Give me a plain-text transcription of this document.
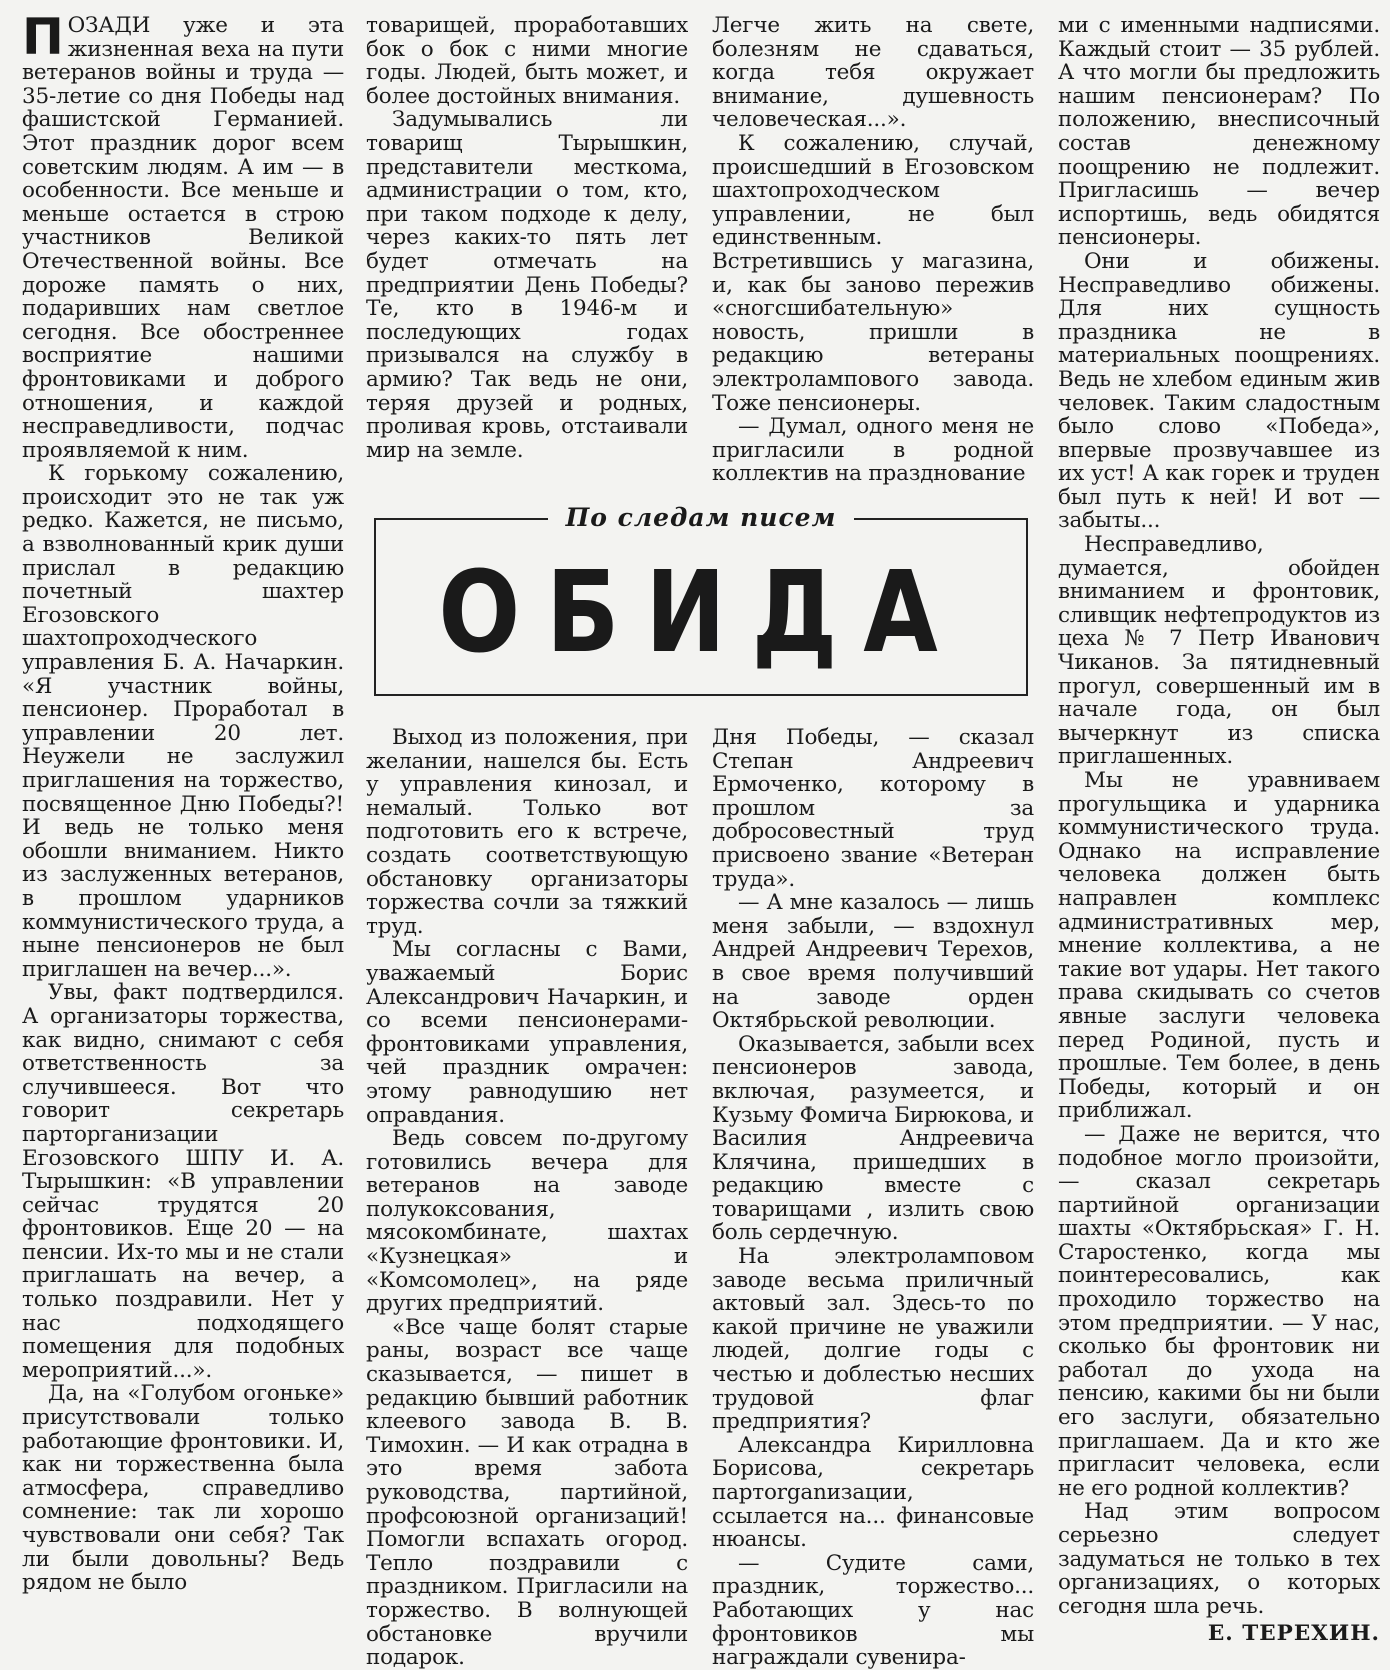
ПОЗАДИ уже и эта жизненная веха на пути ветеранов войны и труда — 35-летие со дня Победы над фашистской Германией. Этот праздник дорог всем советским людям. А им — в особенности. Все меньше и меньше остается в строю участников Великой Отечественной войны. Все дороже память о них, подаривших нам светлое сегодня. Все обостреннее восприятие нашими фронтовиками и доброго отношения, и каждой несправедливости, подчас проявляемой к ним.

К горькому сожалению, происходит это не так уж редко. Кажется, не письмо, а взволнованный крик души прислал в редакцию почетный шахтер Егозовского шахтопроходческого управления Б. А. Начаркин. «Я участник войны, пенсионер. Проработал в управлении 20 лет. Неужели не заслужил приглашения на торжество, посвященное Дню Победы?! И ведь не только меня обошли вниманием. Никто из заслуженных ветеранов, в прошлом ударников коммунистического труда, а ныне пенсионеров не был приглашен на вечер...».

Увы, факт подтвердился. А организаторы торжества, как видно, снимают с себя ответственность за случившееся. Вот что говорит секретарь парторганизации Егозовского ШПУ И. А. Тырышкин: «В управлении сейчас трудятся 20 фронтовиков. Еще 20 — на пенсии. Их-то мы и не стали приглашать на вечер, а только поздравили. Нет у нас подходящего помещения для подобных мероприятий...».

Да, на «Голубом огоньке» присутствовали только работающие фронтовики. И, как ни торжественна была атмосфера, справедливо сомнение: так ли хорошо чувствовали они себя? Так ли были довольны? Ведь рядом не было

товарищей, проработавших бок о бок с ними многие годы. Людей, быть может, и более достойных внимания.

Задумывались ли товарищ Тырышкин, представители месткома, администрации о том, кто, при таком подходе к делу, через каких-то пять лет будет отмечать на предприятии День Победы? Те, кто в 1946-м и последующих годах призывался на службу в армию? Так ведь не они, теряя друзей и родных, проливая кровь, отстаивали мир на земле.

Легче жить на свете, болезням не сдаваться, когда тебя окружает внимание, душевность человеческая...».

К сожалению, случай, происшедший в Егозовском шахтопроходческом управлении, не был единственным. Встретившись у магазина, и, как бы заново пережив «сногсшибательную» новость, пришли в редакцию ветераны электролампового завода. Тоже пенсионеры.

— Думал, одного меня не пригласили в родной коллектив на празднование

По следам писем
ОБИДА

Выход из положения, при желании, нашелся бы. Есть у управления кинозал, и немалый. Только вот подготовить его к встрече, создать соответствующую обстановку организаторы торжества сочли за тяжкий труд.

Мы согласны с Вами, уважаемый Борис Александрович Начаркин, и со всеми пенсионерами-фронтовиками управления, чей праздник омрачен: этому равнодушию нет оправдания.

Ведь совсем по-другому готовились вечера для ветеранов на заводе полукоксования, мясокомбинате, шахтах «Кузнецкая» и «Комсомолец», на ряде других предприятий.

«Все чаще болят старые раны, возраст все чаще сказывается, — пишет в редакцию бывший работник клеевого завода В. В. Тимохин. — И как отрадна в это время забота руководства, партийной, профсоюзной организаций! Помогли вспахать огород. Тепло поздравили с праздником. Пригласили на торжество. В волнующей обстановке вручили подарок.

Дня Победы, — сказал Степан Андреевич Ермоченко, которому в прошлом за добросовестный труд присвоено звание «Ветеран труда».

— А мне казалось — лишь меня забыли, — вздохнул Андрей Андреевич Терехов, в свое время получивший на заводе орден Октябрьской революции.

Оказывается, забыли всех пенсионеров завода, включая, разумеется, и Кузьму Фомича Бирюкова, и Василия Андреевича Клячина, пришедших в редакцию вместе с товарищами , излить свою боль сердечную.

На электроламповом заводе весьма приличный актовый зал. Здесь-то по какой причине не уважили людей, долгие годы с честью и доблестью несших трудовой флаг предприятия?

Александра Кирилловна Борисова, секретарь партorganизации, ссылается на... финансовые нюансы.

— Судите сами, праздник, торжество... Работающих у нас фронтовиков мы награждали сувенира-

ми с именными надписями. Каждый стоит — 35 рублей. А что могли бы предложить нашим пенсионерам? По положению, внесписочный состав денежному поощрению не подлежит. Пригласишь — вечер испортишь, ведь обидятся пенсионеры.

Они и обижены. Несправедливо обижены. Для них сущность праздника не в материальных поощрениях. Ведь не хлебом единым жив человек. Таким сладостным было слово «Победа», впервые прозвучавшее из их уст! А как горек и труден был путь к ней! И вот — забыты...

Несправедливо, думается, обойден вниманием и фронтовик, сливщик нефтепродуктов из цеха № 7 Петр Иванович Чиканов. За пятидневный прогул, совершенный им в начале года, он был вычеркнут из списка приглашенных.

Мы не уравниваем прогульщика и ударника коммунистического труда. Однако на исправление человека должен быть направлен комплекс административных мер, мнение коллектива, а не такие вот удары. Нет такого права скидывать со счетов явные заслуги человека перед Родиной, пусть и прошлые. Тем более, в день Победы, который и он приближал.

— Даже не верится, что подобное могло произойти, — сказал секретарь партийной организации шахты «Октябрьская» Г. Н. Старостенко, когда мы поинтересовались, как проходило торжество на этом предприятии. — У нас, сколько бы фронтовик ни работал до ухода на пенсию, какими бы ни были его заслуги, обязательно приглашаем. Да и кто же пригласит человека, если не его родной коллектив?

Над этим вопросом серьезно следует задуматься не только в тех организациях, о которых сегодня шла речь.

Е. ТЕРЕХИН.
